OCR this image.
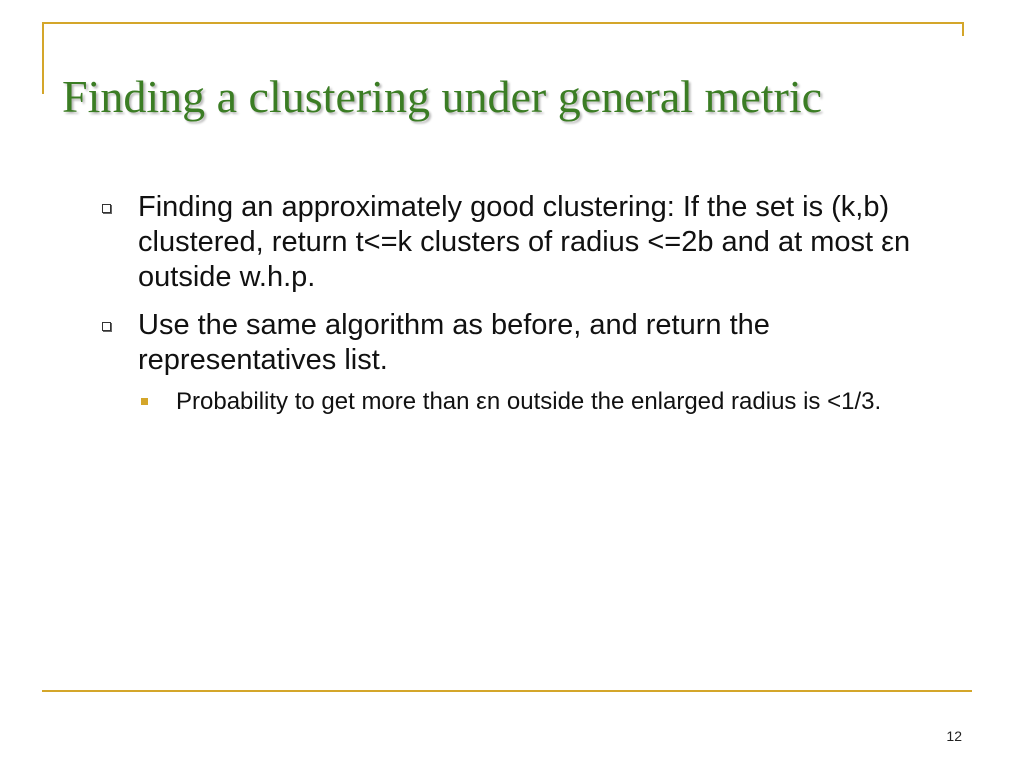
Finding a clustering under general metric
Finding an approximately good clustering: If the set is (k,b) clustered, return t<=k clusters of radius <=2b and at most εn outside w.h.p.
Use the same algorithm as before, and return the representatives list.
Probability to get more than εn outside the enlarged radius is <1/3.
12
